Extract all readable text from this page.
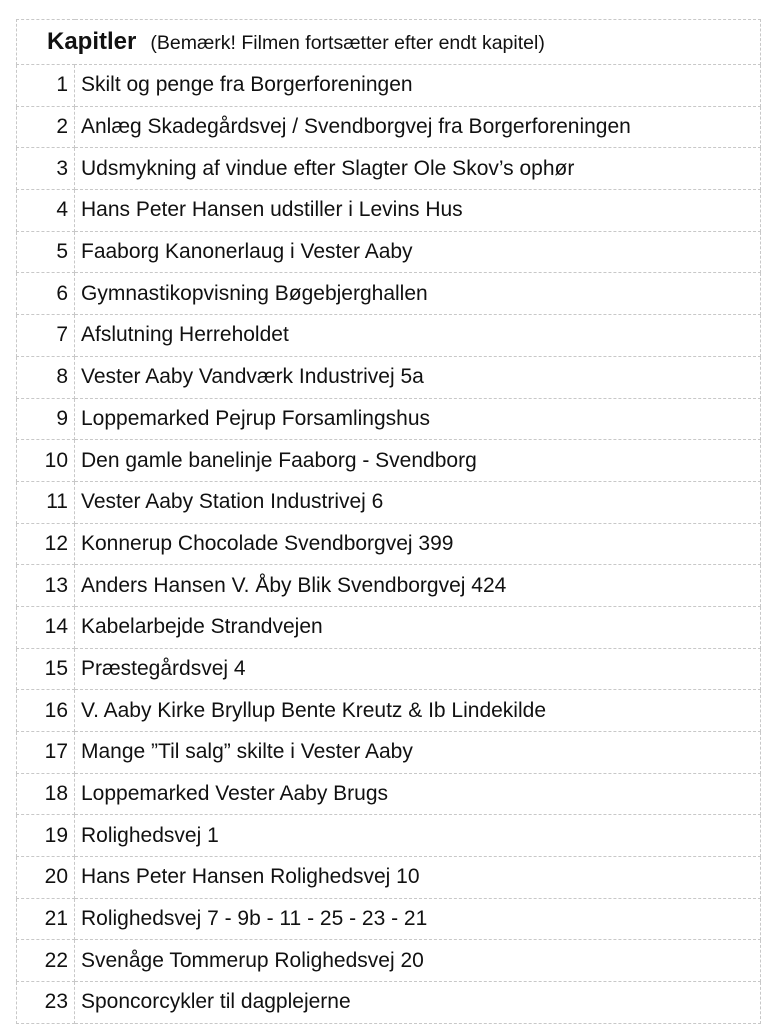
Kapitler (Bemærk! Filmen fortsætter efter endt kapitel)	
1	Skilt og penge fra Borgerforeningen
2	Anlæg Skadegårdsvej / Svendborgvej fra Borgerforeningen
3	Udsmykning af vindue efter Slagter Ole Skov’s ophør
4	Hans Peter Hansen udstiller i Levins Hus
5	Faaborg Kanonerlaug i Vester Aaby
6	Gymnastikopvisning Bøgebjerghallen
7	Afslutning Herreholdet
8	Vester Aaby Vandværk Industrivej 5a
9	Loppemarked Pejrup Forsamlingshus
10	Den gamle banelinje Faaborg - Svendborg
11	Vester Aaby Station Industrivej 6
12	Konnerup Chocolade Svendborgvej 399
13	Anders Hansen V. Åby Blik Svendborgvej 424
14	Kabelarbejde Strandvejen
15	Præstegårdsvej 4
16	V. Aaby Kirke Bryllup Bente Kreutz & Ib Lindekilde
17	Mange ”Til salg” skilte i Vester Aaby
18	Loppemarked Vester Aaby Brugs
19	Rolighedsvej 1
20	Hans Peter Hansen Rolighedsvej 10
21	Rolighedsvej 7 - 9b - 11 - 25 - 23 - 21
22	Svenåge Tommerup Rolighedsvej 20
23	Sponcorcykler til dagplejerne
